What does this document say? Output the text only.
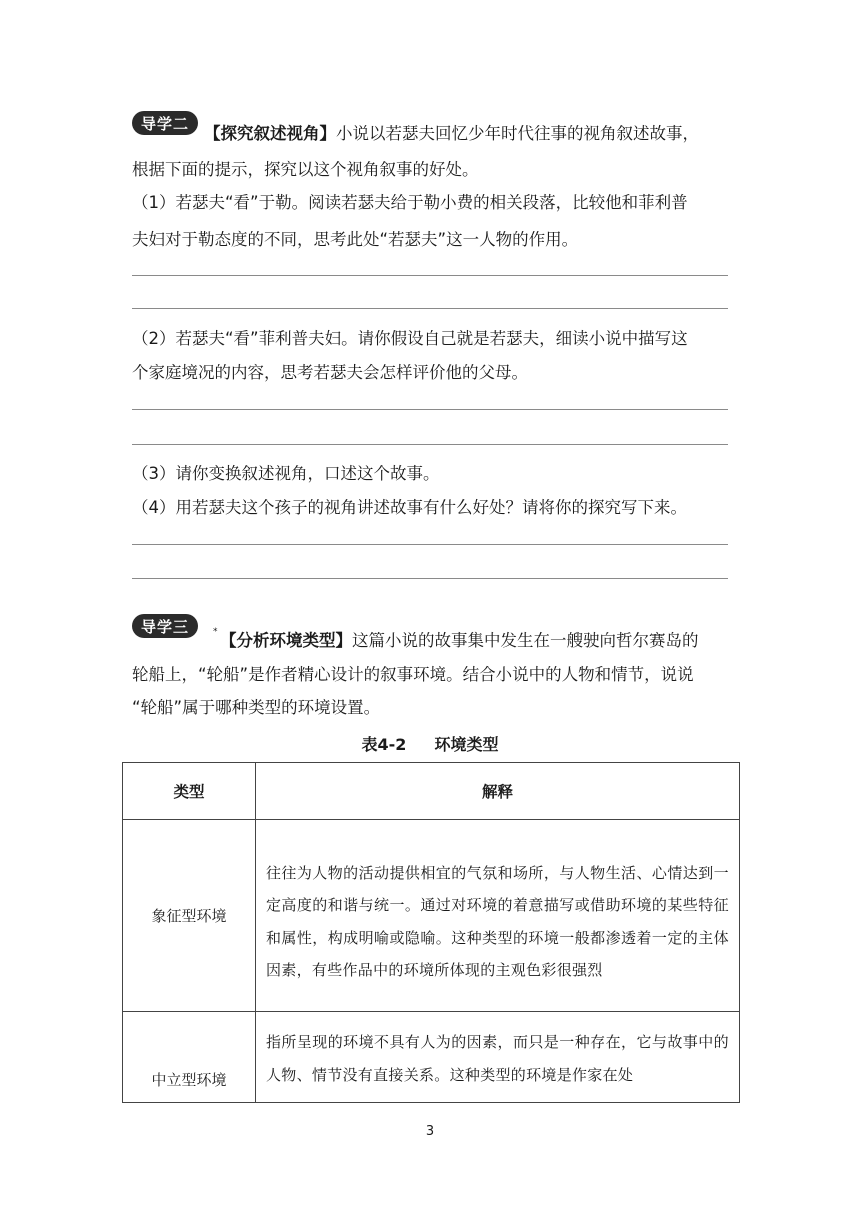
导学二
【探究叙述视角】小说以若瑟夫回忆少年时代往事的视角叙述故事，
根据下面的提示，探究以这个视角叙事的好处。
（1）若瑟夫“看”于勒。阅读若瑟夫给于勒小费的相关段落，比较他和菲利普
夫妇对于勒态度的不同，思考此处“若瑟夫”这一人物的作用。
（2）若瑟夫“看”菲利普夫妇。请你假设自己就是若瑟夫，细读小说中描写这
个家庭境况的内容，思考若瑟夫会怎样评价他的父母。
（3）请你变换叙述视角，口述这个故事。
（4）用若瑟夫这个孩子的视角讲述故事有什么好处？请将你的探究写下来。
导学三	* 【分析环境类型】这篇小说的故事集中发生在一艘驶向哲尔赛岛的
轮船上，“轮船”是作者精心设计的叙事环境。结合小说中的人物和情节，说说
“轮船”属于哪种类型的环境设置。
表4-2 环境类型
类型	解释
象征型环境	往往为人物的活动提供相宜的气氛和场所，与人物生活、心情达到一定高度的和谐与统一。通过对环境的着意描写或借助环境的某些特征和属性，构成明喻或隐喻。这种类型的环境一般都渗透着一定的主体因素，有些作品中的环境所体现的主观色彩很强烈
中立型环境	指所呈现的环境不具有人为的因素，而只是一种存在，它与故事中的人物、情节没有直接关系。这种类型的环境是作家在处
3
